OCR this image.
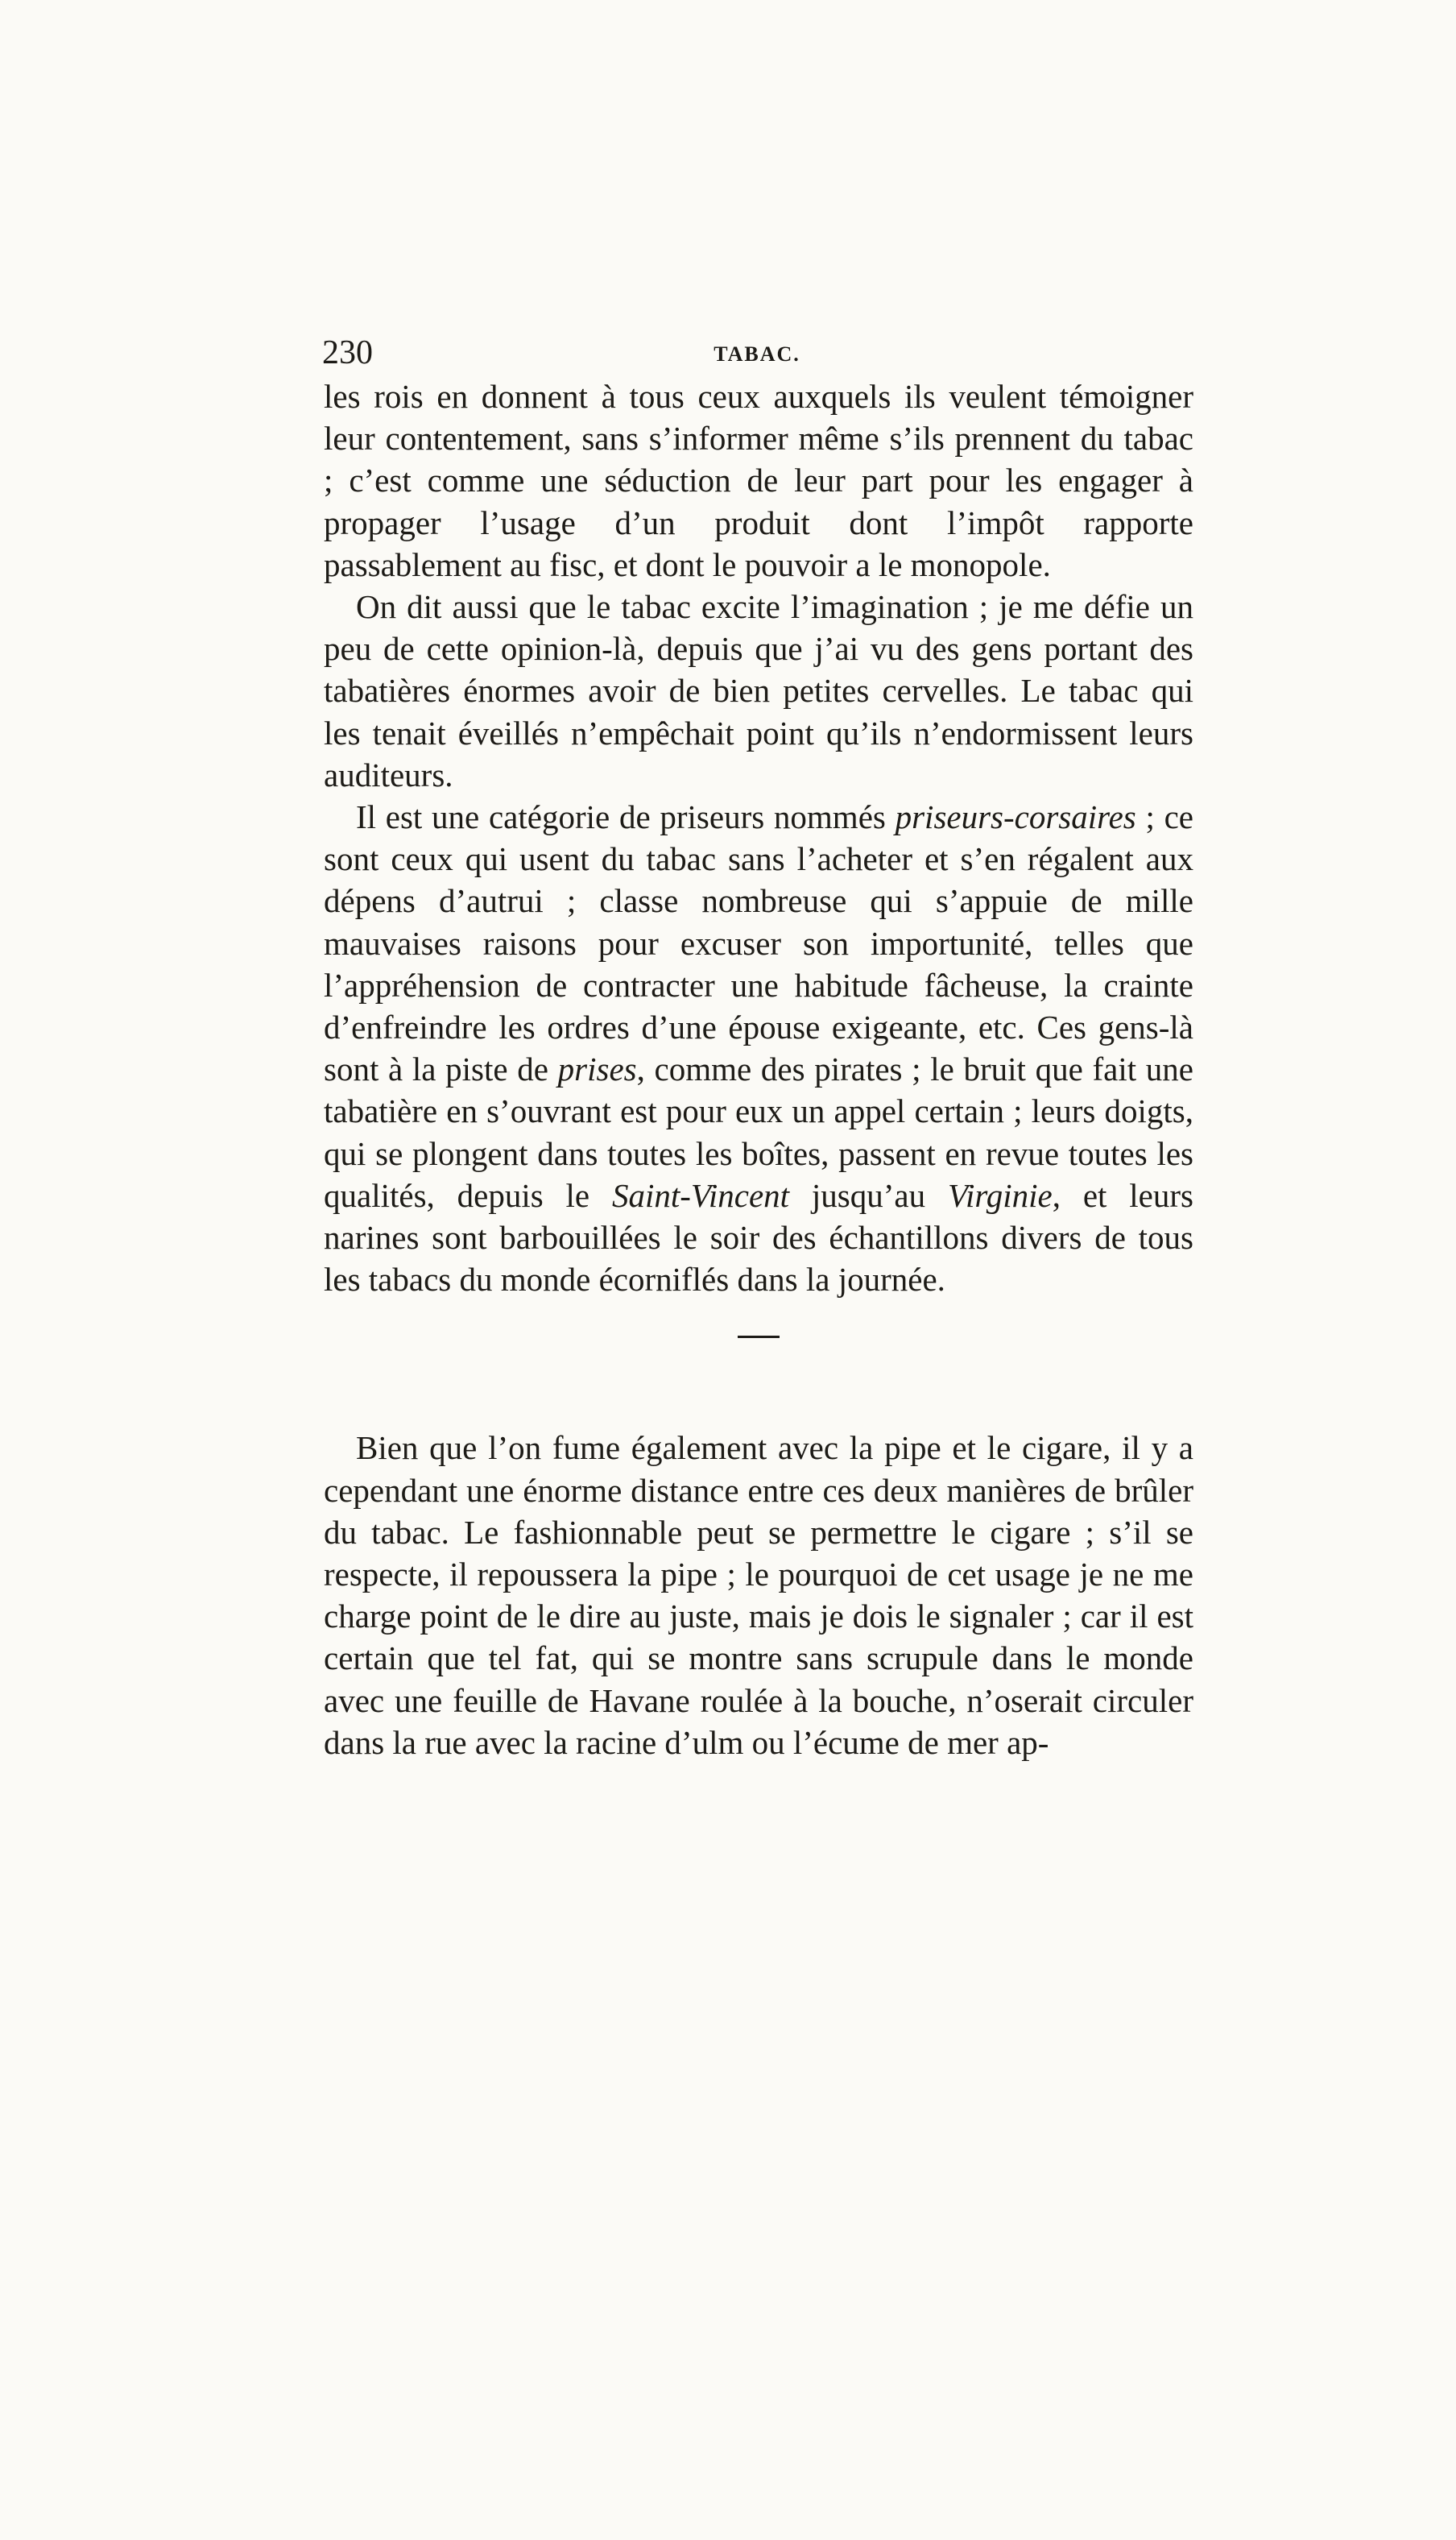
230	TABAC.

les rois en donnent à tous ceux auxquels ils veulent témoigner leur contentement, sans s’informer même s’ils prennent du tabac ; c’est comme une séduction de leur part pour les engager à propager l’usage d’un produit dont l’impôt rapporte passablement au fisc, et dont le pouvoir a le monopole.

On dit aussi que le tabac excite l’imagination ; je me défie un peu de cette opinion-là, depuis que j’ai vu des gens portant des tabatières énormes avoir de bien petites cervelles. Le tabac qui les tenait éveillés n’empêchait point qu’ils n’endormissent leurs auditeurs.

Il est une catégorie de priseurs nommés priseurs-corsaires ; ce sont ceux qui usent du tabac sans l’acheter et s’en régalent aux dépens d’autrui ; classe nombreuse qui s’appuie de mille mauvaises raisons pour excuser son importunité, telles que l’appréhension de contracter une habitude fâcheuse, la crainte d’enfreindre les ordres d’une épouse exigeante, etc. Ces gens-là sont à la piste de prises, comme des pirates ; le bruit que fait une tabatière en s’ouvrant est pour eux un appel certain ; leurs doigts, qui se plongent dans toutes les boîtes, passent en revue toutes les qualités, depuis le Saint-Vincent jusqu’au Virginie, et leurs narines sont barbouillées le soir des échantillons divers de tous les tabacs du monde écorniflés dans la journée.

Bien que l’on fume également avec la pipe et le cigare, il y a cependant une énorme distance entre ces deux manières de brûler du tabac. Le fashionnable peut se permettre le cigare ; s’il se respecte, il repoussera la pipe ; le pourquoi de cet usage je ne me charge point de le dire au juste, mais je dois le signaler ; car il est certain que tel fat, qui se montre sans scrupule dans le monde avec une feuille de Havane roulée à la bouche, n’oserait circuler dans la rue avec la racine d’ulm ou l’écume de mer ap-
